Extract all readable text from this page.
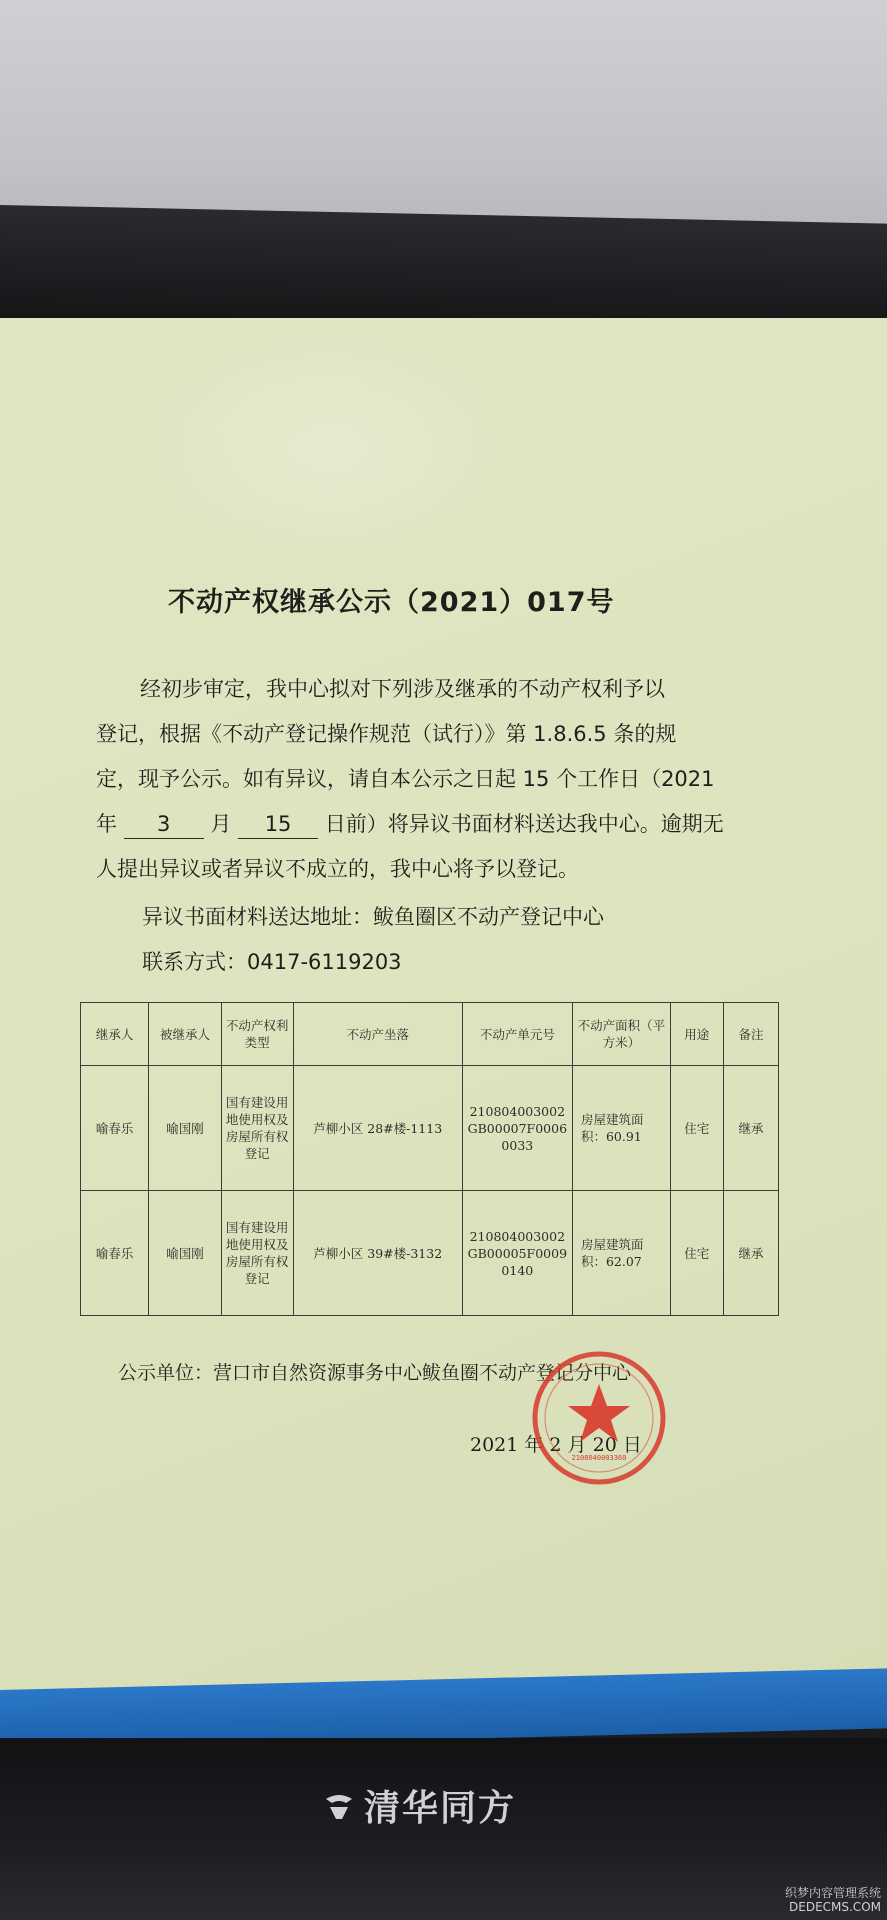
不动产权继承公示（2021）017号
经初步审定，我中心拟对下列涉及继承的不动产权利予以
登记，根据《不动产登记操作规范（试行）》第 1.8.6.5 条的规
定，现予公示。如有异议，请自本公示之日起 15 个工作日（2021
年 3 月 15 日前）将异议书面材料送达我中心。逾期无
人提出异议或者异议不成立的，我中心将予以登记。
异议书面材料送达地址：鲅鱼圈区不动产登记中心
联系方式：0417-6119203
继承人	被继承人	不动产权利类型	不动产坐落	不动产单元号	不动产面积（平方米）	用途	备注
喻春乐	喻国刚	国有建设用地使用权及房屋所有权登记	芦柳小区 28#楼-1113	210804003002GB00007F00060033	房屋建筑面积：60.91	住宅	继承
喻春乐	喻国刚	国有建设用地使用权及房屋所有权登记	芦柳小区 39#楼-3132	210804003002GB00005F00090140	房屋建筑面积：62.07	住宅	继承
公示单位：营口市自然资源事务中心鲅鱼圈不动产登记分中心
2021 年 2 月 20 日
2108040003360
清华同方
织梦内容管理系统
DEDECMS.COM
